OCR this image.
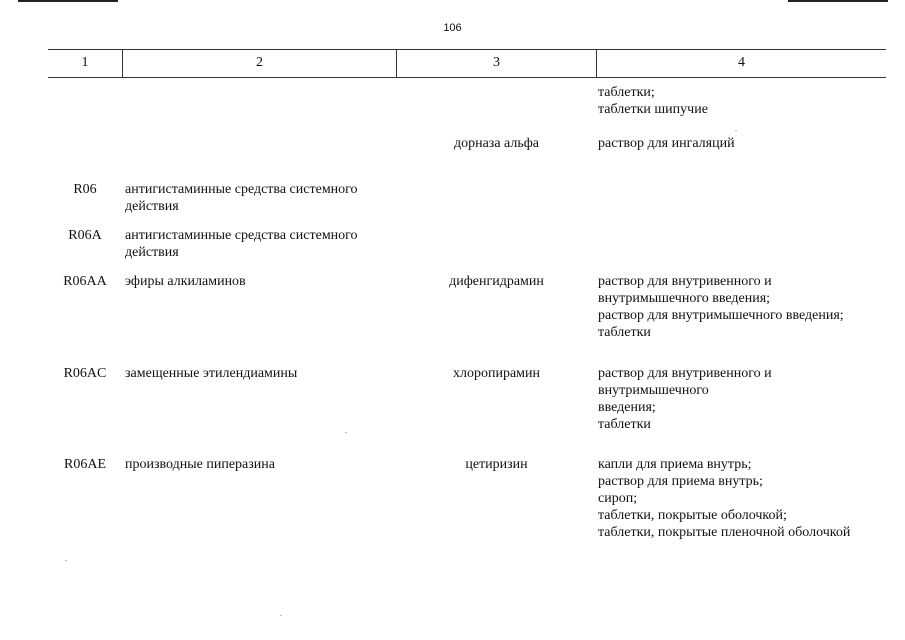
106
1	2	3	4
таблетки;
таблетки шипучие
дорназа альфа	раствор для ингаляций
R06	антигистаминные средства системного действия
R06A	антигистаминные средства системного действия
R06AA	эфиры алкиламинов	дифенгидрамин	раствор для внутривенного и
внутримышечного введения;
раствор для внутримышечного введения;
таблетки
R06AC	замещенные этилендиамины	хлоропирамин	раствор для внутривенного и
внутримышечного
введения;
таблетки
R06AE	производные пиперазина	цетиризин	капли для приема внутрь;
раствор для приема внутрь;
сироп;
таблетки, покрытые оболочкой;
таблетки, покрытые пленочной оболочкой
